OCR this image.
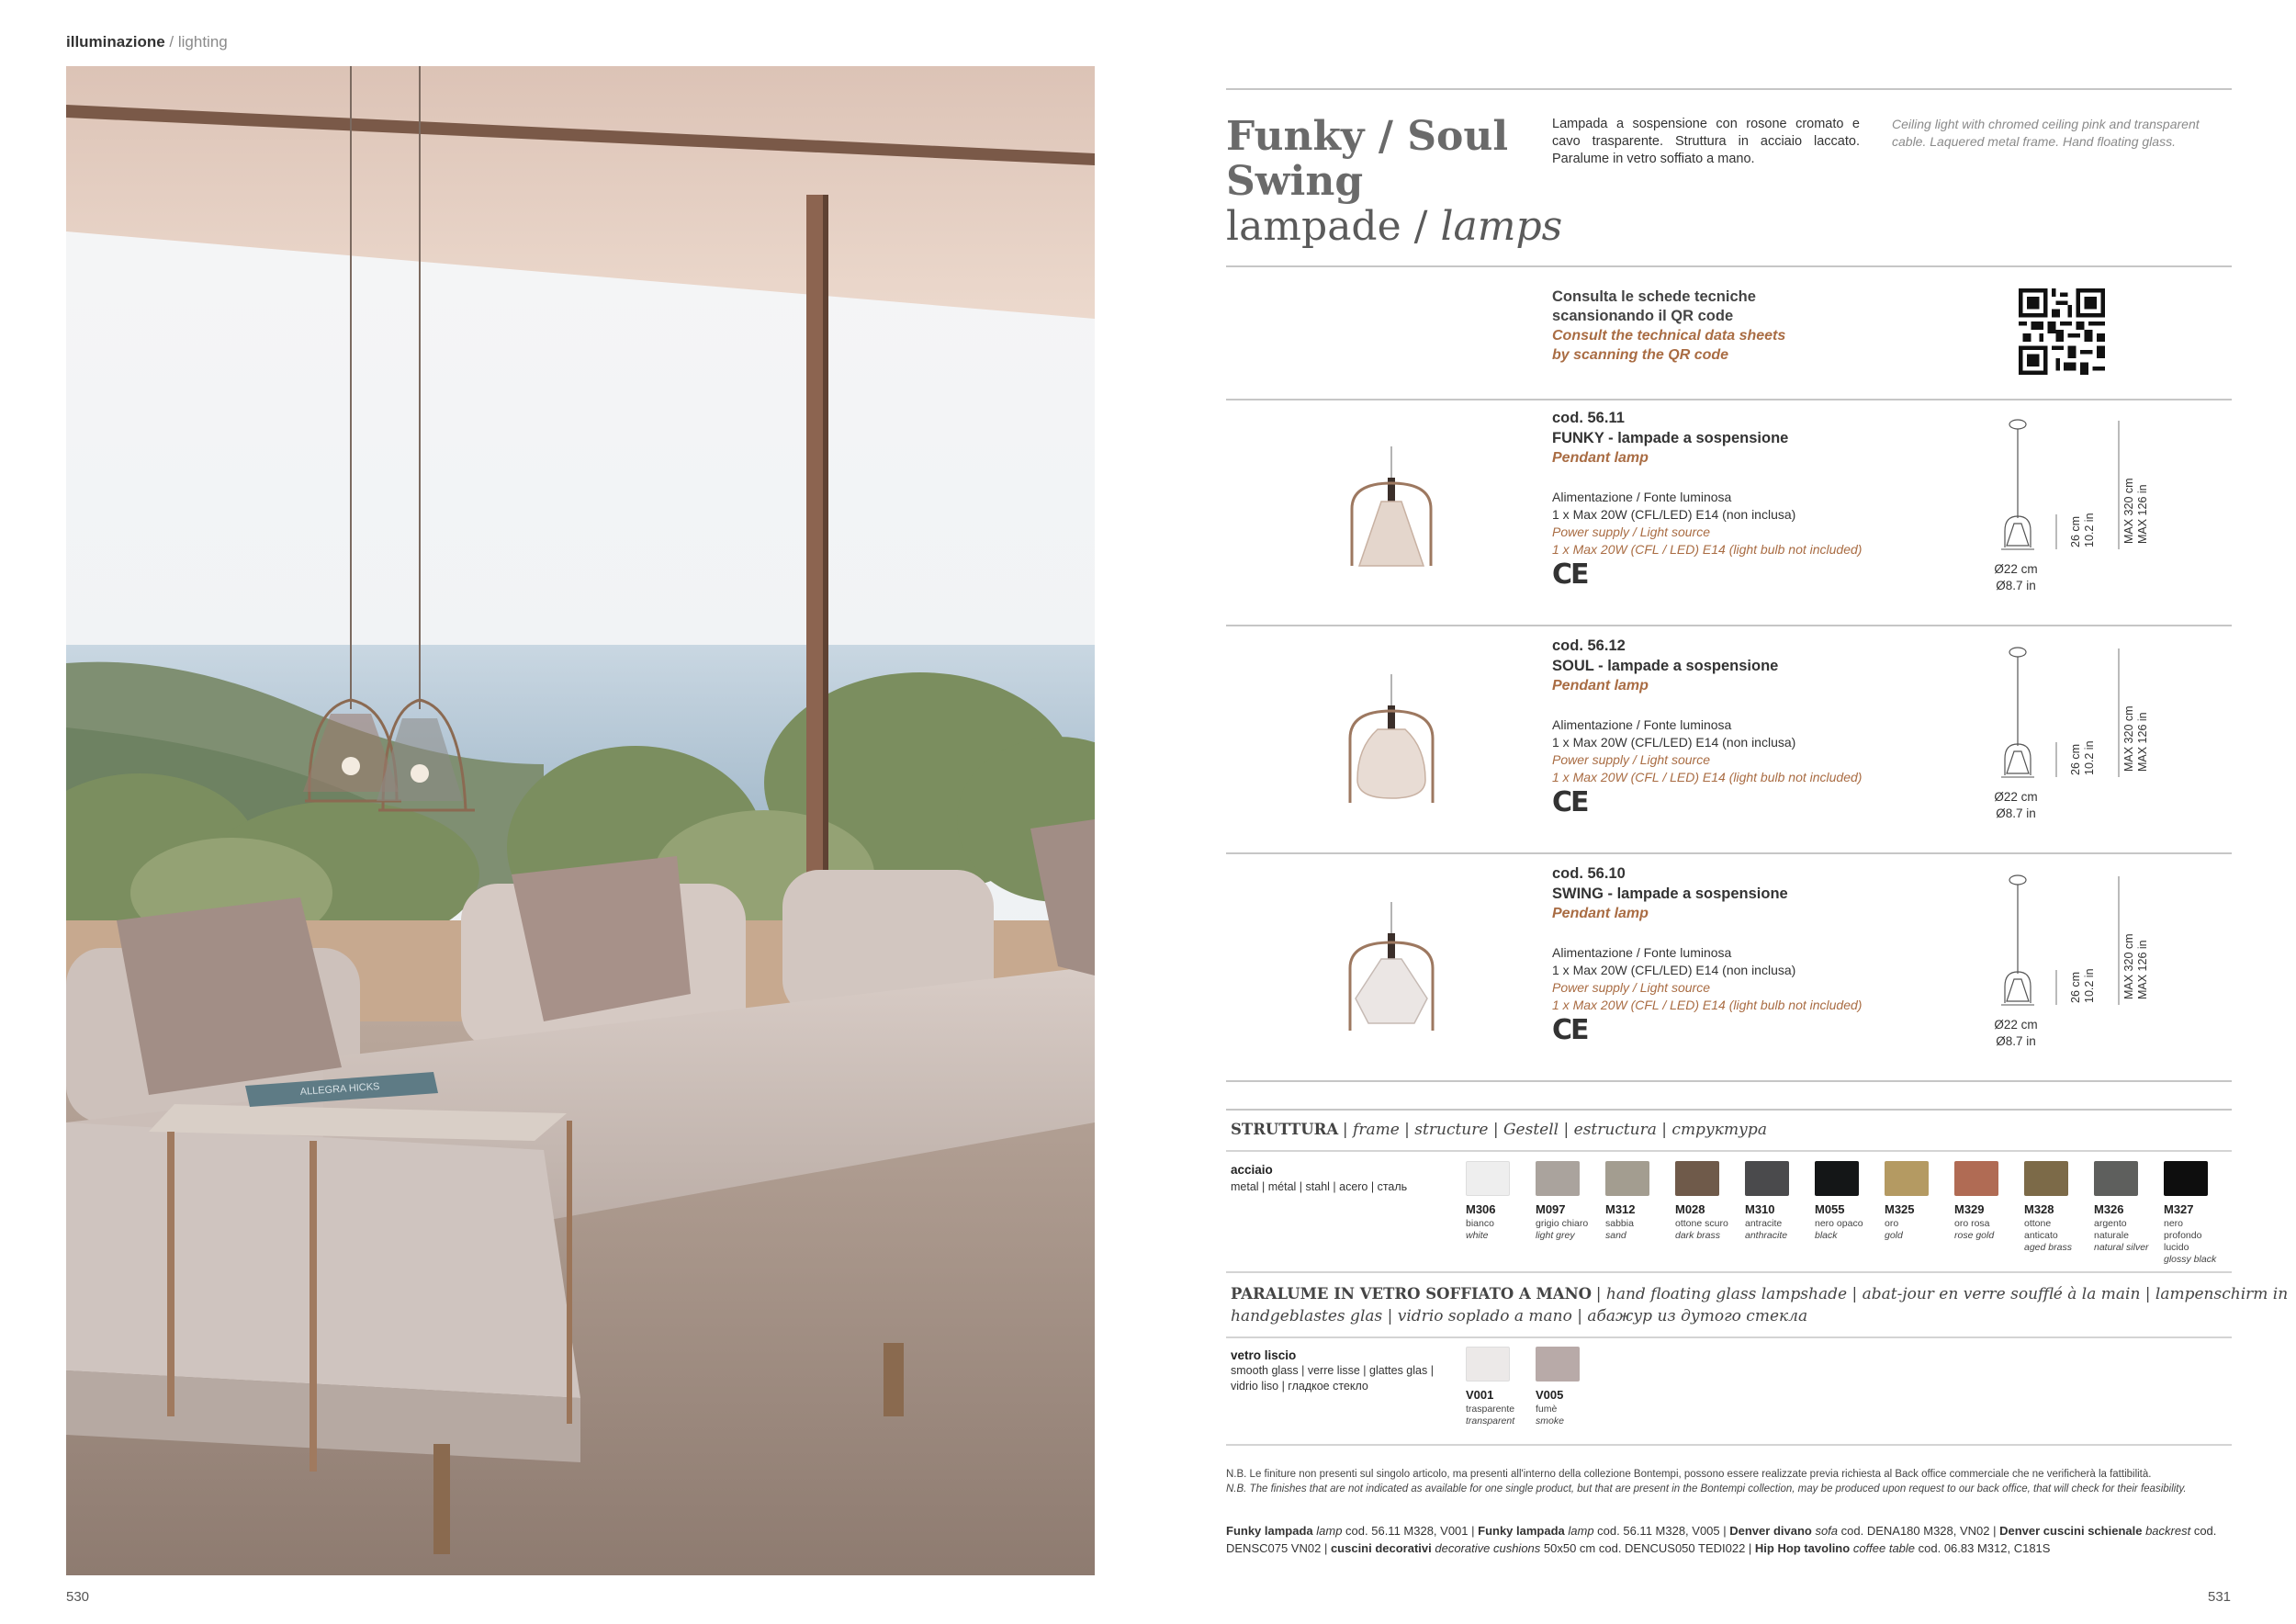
illuminazione / lighting
ALLEGRA HICKS
Funky / Soul
Swing
lampade / lamps
Lampada a sospensione con rosone cromato e cavo trasparente. Struttura in acciaio laccato. Paralume in vetro soffiato a mano.
Ceiling light with chromed ceiling pink and transparent cable. Laquered metal frame. Hand floating glass.
Consulta le schede tecniche
scansionando il QR code
Consult the technical data sheets
by scanning the QR code
cod. 56.11
FUNKY - lampade a sospensione
Pendant lamp
Alimentazione / Fonte luminosa
1 x Max 20W (CFL/LED) E14 (non inclusa)
Power supply / Light source
1 x Max 20W (CFL / LED) E14 (light bulb not included)
CE
26 cm 10.2 in MAX 320 cm MAX 126 in
Ø22 cm
Ø8.7 in
cod. 56.12
SOUL - lampade a sospensione
Pendant lamp
Alimentazione / Fonte luminosa
1 x Max 20W (CFL/LED) E14 (non inclusa)
Power supply / Light source
1 x Max 20W (CFL / LED) E14 (light bulb not included)
CE
26 cm 10.2 in MAX 320 cm MAX 126 in
Ø22 cm
Ø8.7 in
cod. 56.10
SWING - lampade a sospensione
Pendant lamp
Alimentazione / Fonte luminosa
1 x Max 20W (CFL/LED) E14 (non inclusa)
Power supply / Light source
1 x Max 20W (CFL / LED) E14 (light bulb not included)
CE
26 cm 10.2 in MAX 320 cm MAX 126 in
Ø22 cm
Ø8.7 in
STRUTTURA | frame | structure | Gestell | estructura | структура
acciaio
metal | métal | stahl | acero | сталь
M306
bianco
white
M097
grigio chiaro
light grey
M312
sabbia
sand
M028
ottone scuro
dark brass
M310
antracite
anthracite
M055
nero opaco
black
M325
oro
gold
M329
oro rosa
rose gold
M328
ottone anticato
aged brass
M326
argento naturale
natural silver
M327
nero profondo lucido
glossy black
PARALUME IN VETRO SOFFIATO A MANO | hand floating glass lampshade | abat-jour en verre soufflé à la main | lampenschirm in
handgeblastes glas | vidrio soplado a mano | абажур из дутого стекла
vetro liscio
smooth glass | verre lisse | glattes glas |
vidrio liso | гладкое стекло
V001
trasparente
transparent
V005
fumè
smoke
N.B. Le finiture non presenti sul singolo articolo, ma presenti all'interno della collezione Bontempi, possono essere realizzate previa richiesta al Back office commerciale che ne verificherà la fattibilità.
N.B. The finishes that are not indicated as available for one single product, but that are present in the Bontempi collection, may be produced upon request to our back office, that will check for their feasibility.
Funky lampada lamp cod. 56.11 M328, V001 | Funky lampada lamp cod. 56.11 M328, V005 | Denver divano sofa cod. DENA180 M328, VN02 | Denver cuscini schienale backrest cod. DENSC075 VN02 | cuscini decorativi decorative cushions 50x50 cm cod. DENCUS050 TEDI022 | Hip Hop tavolino coffee table cod. 06.83 M312, C181S
530	531
